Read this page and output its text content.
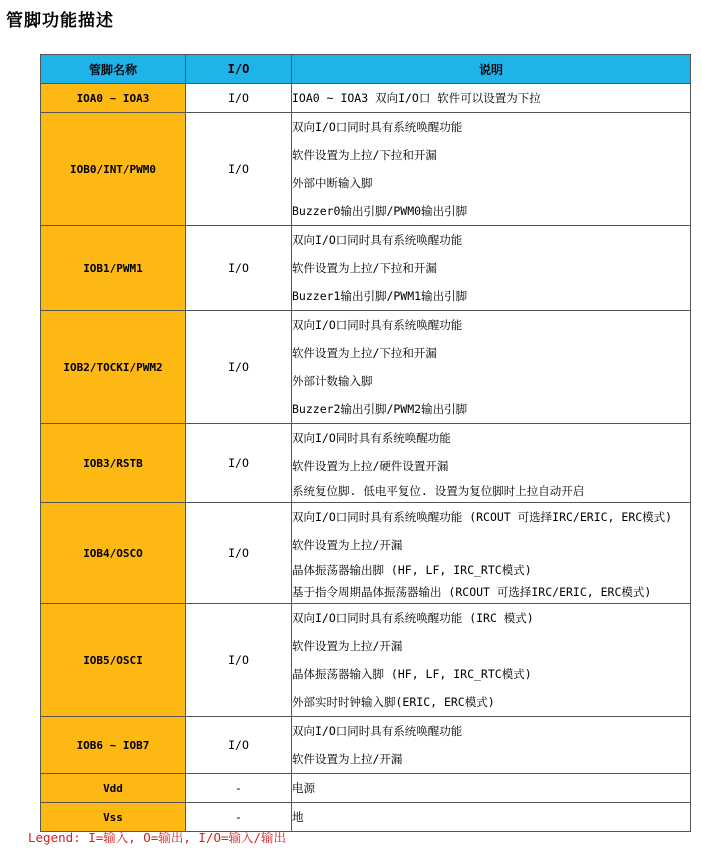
管脚功能描述
管脚名称	I/O	说明
IOA0 ~ IOA3	I/O	IOA0 ~ IOA3 双向I/O口 软件可以设置为下拉

IOB0/INT/PWM0	I/O	双向I/O口同时具有系统唤醒功能
软件设置为上拉/下拉和开漏
外部中断输入脚
Buzzer0输出引脚/PWM0输出引脚

IOB1/PWM1	I/O	双向I/O口同时具有系统唤醒功能
软件设置为上拉/下拉和开漏
Buzzer1输出引脚/PWM1输出引脚

IOB2/TOCKI/PWM2	I/O	双向I/O口同时具有系统唤醒功能
软件设置为上拉/下拉和开漏
外部计数输入脚
Buzzer2输出引脚/PWM2输出引脚

IOB3/RSTB	I/O	双向I/O同时具有系统唤醒功能
软件设置为上拉/硬件设置开漏
系统复位脚. 低电平复位. 设置为复位脚时上拉自动开启

IOB4/OSCO	I/O	双向I/O口同时具有系统唤醒功能 (RCOUT 可选择IRC/ERIC, ERC模式)
软件设置为上拉/开漏
晶体振荡器输出脚 (HF, LF, IRC_RTC模式)
基于指令周期晶体振荡器输出 (RCOUT 可选择IRC/ERIC, ERC模式)

IOB5/OSCI	I/O	双向I/O口同时具有系统唤醒功能 (IRC 模式)
软件设置为上拉/开漏
晶体振荡器输入脚 (HF, LF, IRC_RTC模式)
外部实时时钟输入脚(ERIC, ERC模式)

IOB6 ~ IOB7	I/O	双向I/O口同时具有系统唤醒功能
软件设置为上拉/开漏

Vdd	-	电源

Vss	-	地
Legend: I=输入, O=输出, I/O=输入/输出
